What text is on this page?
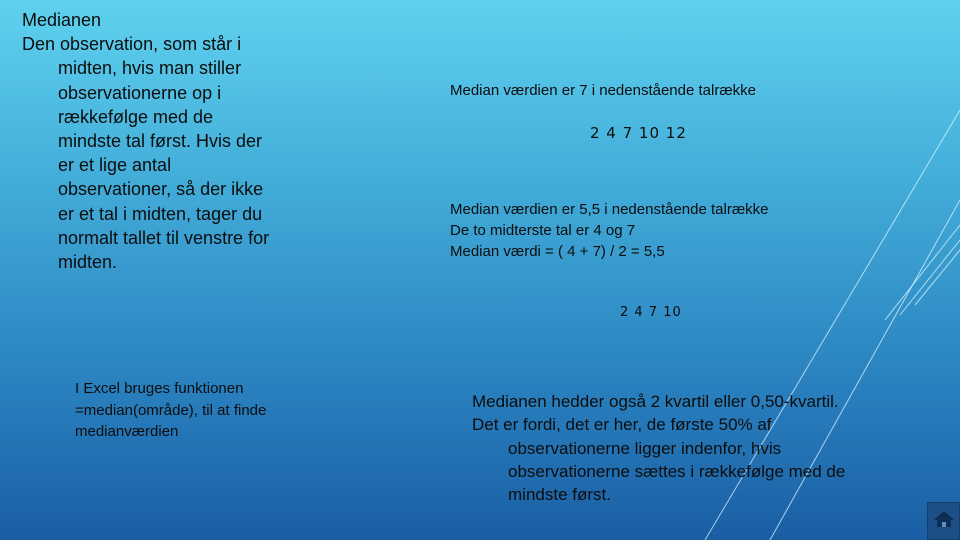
Medianen
Den observation, som står i
midten, hvis man stiller
observationerne op i
rækkefølge med de
mindste tal først. Hvis der
er et lige antal
observationer, så der ikke
er et tal i midten, tager du
normalt tallet til venstre for
midten.
Median værdien er 7 i nedenstående talrække
2 4 7 10 12
Median værdien er 5,5 i nedenstående talrække
De to midterste tal er 4 og 7
Median værdi = ( 4 + 7) / 2 = 5,5
2 4 7 10
I Excel bruges funktionen
=median(område), til at finde
medianværdien
Medianen hedder også 2 kvartil eller 0,50-kvartil.
Det er fordi, det er her, de første 50% af
observationerne ligger indenfor, hvis
observationerne sættes i rækkefølge med de
mindste først.
